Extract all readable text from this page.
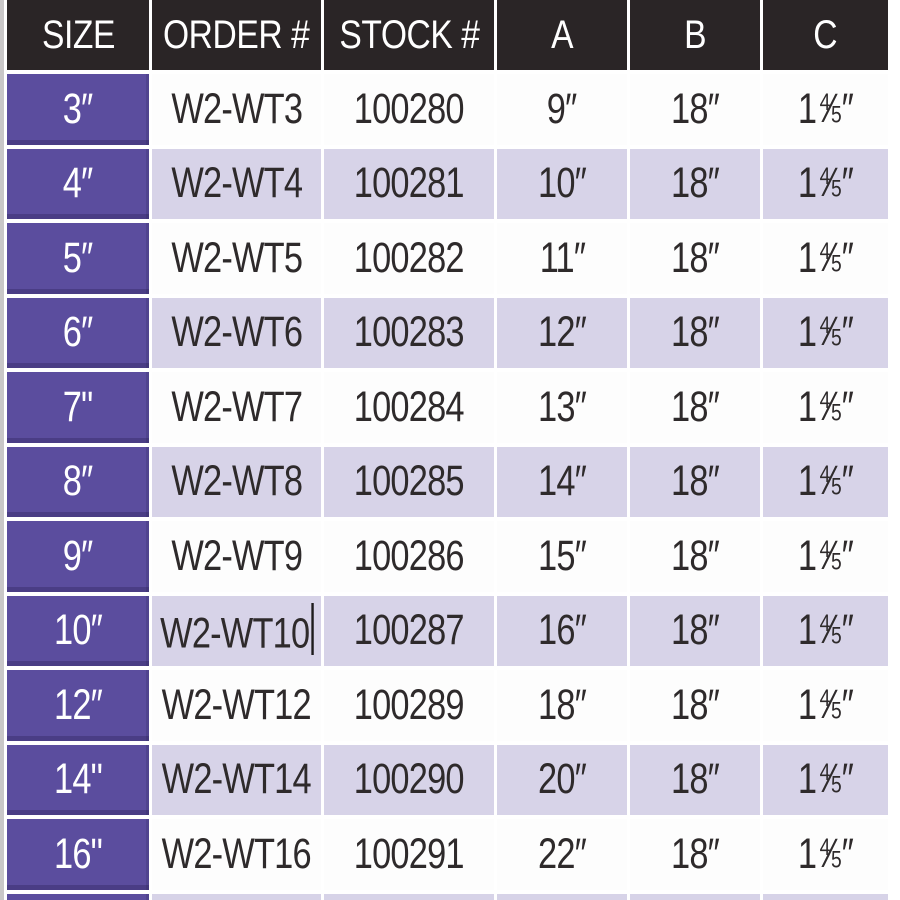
SIZE ORDER # STOCK # A	B	C
3″ W2-WT3 100280 9″ 18″ 1 $^4$⁄5″
4″ W2-WT4 100281 10″ 18″ 1 $^4$⁄5″
5″ W2-WT5 100282 11″ 18″ 1 $^4$⁄5″
6″ W2-WT6 100283 12″ 18″ 1 $^4$⁄5″
7" W2-WT7 100284 13″ 18″ 1 $^4$⁄5″
8″ W2-WT8 100285 14″ 18″ 1 $^4$⁄5″
9″ W2-WT9 100286 15″ 18″ 1 $^4$⁄5″
10″ W2-WT10 100287 16″ 18″ 1 $^4$⁄5″
12″ W2-WT12 100289 18″ 18″ 1 $^4$⁄5″
14" W2-WT14 100290 20″ 18″ 1 $^4$⁄5″
16" W2-WT16 100291 22″ 18″ 1 $^4$⁄5″
